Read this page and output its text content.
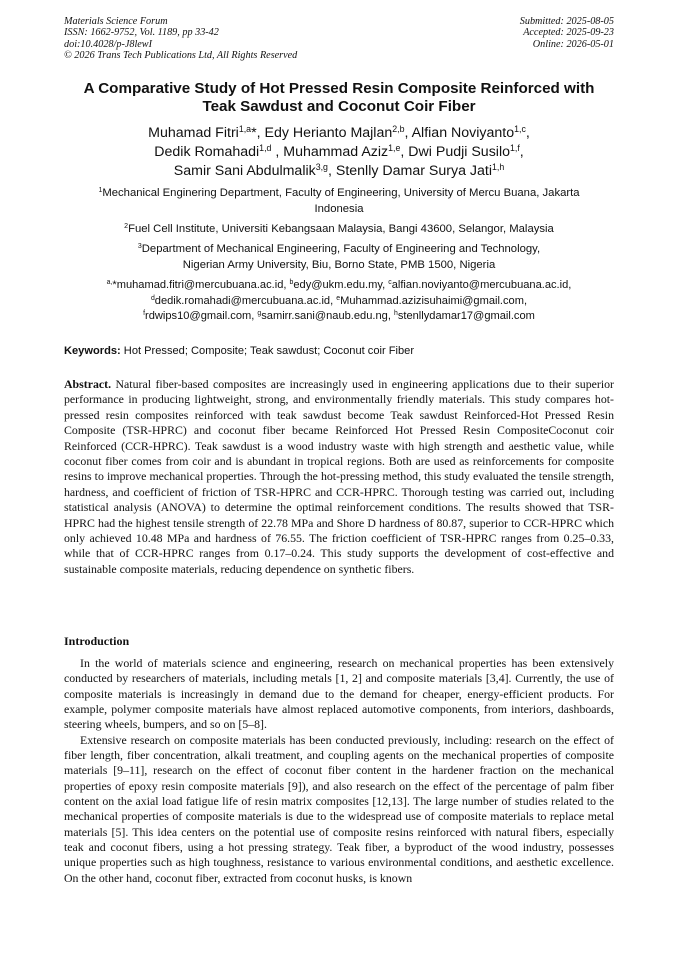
Materials Science Forum
ISSN: 1662-9752, Vol. 1189, pp 33-42
doi:10.4028/p-J8lewI
© 2026 Trans Tech Publications Ltd, All Rights Reserved
Submitted: 2025-08-05
Accepted: 2025-09-23
Online: 2026-05-01
A Comparative Study of Hot Pressed Resin Composite Reinforced with
Teak Sawdust and Coconut Coir Fiber
Muhamad Fitri$^{1,a}$*, Edy Herianto Majlan$^{2,b}$, Alfian Noviyanto$^{1,c}$,
Dedik Romahadi$^{1,d}$ , Muhammad Aziz$^{1,e}$, Dwi Pudji Susilo$^{1,f}$,
Samir Sani Abdulmalik$^{3,g}$, Stenlly Damar Surya Jati$^{1,h}$
$^1$Mechanical Enginering Department, Faculty of Engineering, University of Mercu Buana, Jakarta
Indonesia
$^2$Fuel Cell Institute, Universiti Kebangsaan Malaysia, Bangi 43600, Selangor, Malaysia
$^3$Department of Mechanical Engineering, Faculty of Engineering and Technology,
Nigerian Army University, Biu, Borno State, PMB 1500, Nigeria
$^{a,}$*muhamad.fitri@mercubuana.ac.id, $^b$edy@ukm.edu.my, $^c$alfian.noviyanto@mercubuana.ac.id,
$^d$dedik.romahadi@mercubuana.ac.id, $^e$Muhammad.azizisuhaimi@gmail.com,
$^f$rdwips10@gmail.com, $^g$samirr.sani@naub.edu.ng, $^h$stenllydamar17@gmail.com
Keywords: Hot Pressed; Composite; Teak sawdust; Coconut coir Fiber
Abstract. Natural fiber-based composites are increasingly used in engineering applications due to their superior performance in producing lightweight, strong, and environmentally friendly materials. This study compares hot-pressed resin composites reinforced with teak sawdust become Teak sawdust Reinforced-Hot Pressed Resin Composite (TSR-HPRC) and coconut fiber became Reinforced Hot Pressed Resin CompositeCoconut coir Reinforced (CCR-HPRC). Teak sawdust is a wood industry waste with high strength and aesthetic value, while coconut fiber comes from coir and is abundant in tropical regions. Both are used as reinforcements for composite resins to improve mechanical properties. Through the hot-pressing method, this study evaluated the tensile strength, hardness, and coefficient of friction of TSR-HPRC and CCR-HPRC. Thorough testing was carried out, including statistical analysis (ANOVA) to determine the optimal reinforcement conditions. The results showed that TSR-HPRC had the highest tensile strength of 22.78 MPa and Shore D hardness of 80.87, superior to CCR-HPRC which only achieved 10.48 MPa and hardness of 76.55. The friction coefficient of TSR-HPRC ranges from 0.25–0.33, while that of CCR-HPRC ranges from 0.17–0.24. This study supports the development of cost-effective and sustainable composite materials, reducing dependence on synthetic fibers.
Introduction

In the world of materials science and engineering, research on mechanical properties has been extensively conducted by researchers of materials, including metals [1, 2] and composite materials [3,4]. Currently, the use of composite materials is increasingly in demand due to the demand for cheaper, energy-efficient products. For example, polymer composite materials have almost replaced automotive components, from interiors, dashboards, steering wheels, bumpers, and so on [5–8].

Extensive research on composite materials has been conducted previously, including: research on the effect of fiber length, fiber concentration, alkali treatment, and coupling agents on the mechanical properties of composite materials [9–11], research on the effect of coconut fiber content in the hardener fraction on the mechanical properties of epoxy resin composite materials [9]), and also research on the effect of the percentage of palm fiber content on the axial load fatigue life of resin matrix composites [12,13]. The large number of studies related to the mechanical properties of composite materials is due to the widespread use of composite materials to replace metal materials [5]. This idea centers on the potential use of composite resins reinforced with natural fibers, especially teak and coconut fibers, using a hot pressing strategy. Teak fiber, a byproduct of the wood industry, possesses unique properties such as high toughness, resistance to various environmental conditions, and aesthetic excellence. On the other hand, coconut fiber, extracted from coconut husks, is known
